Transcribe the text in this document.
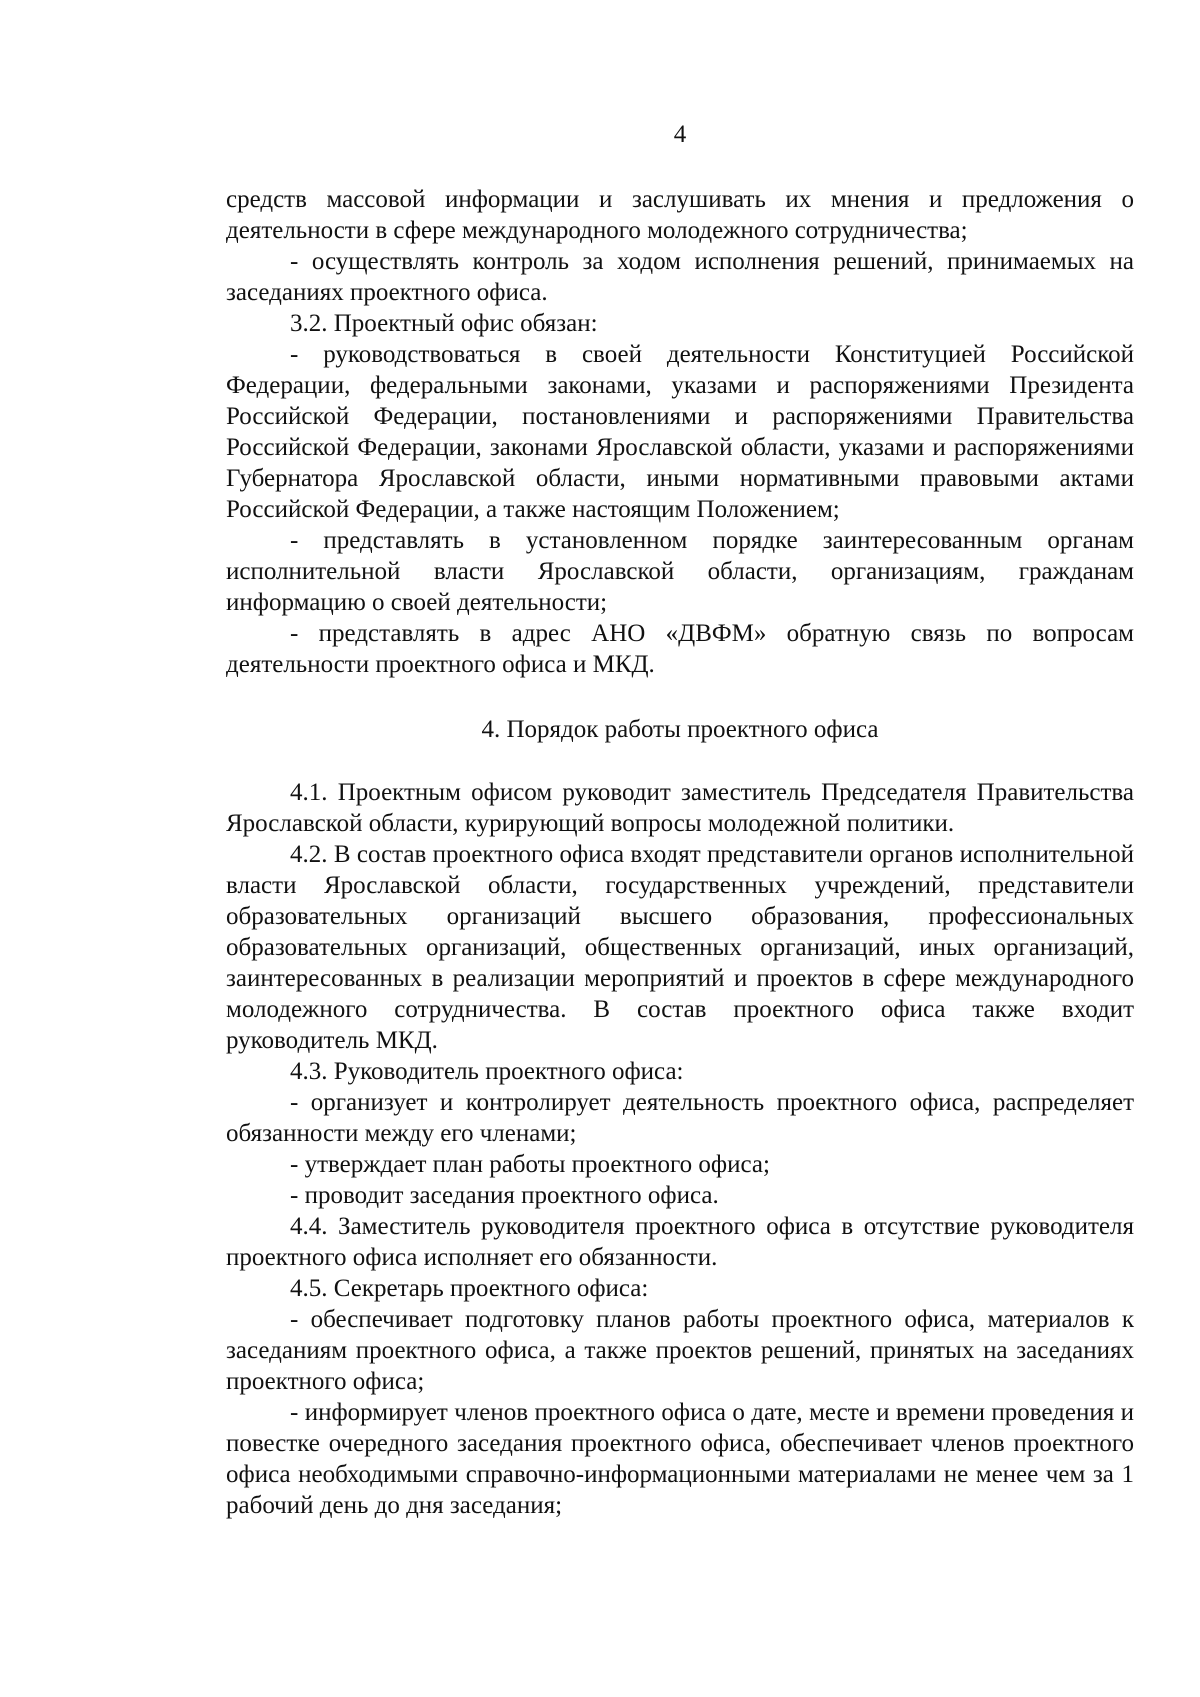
4

средств массовой информации и заслушивать их мнения и предложения о деятельности в сфере международного молодежного сотрудничества;

- осуществлять контроль за ходом исполнения решений, принимаемых на заседаниях проектного офиса.

3.2. Проектный офис обязан:

- руководствоваться в своей деятельности Конституцией Российской Федерации, федеральными законами, указами и распоряжениями Президента Российской Федерации, постановлениями и распоряжениями Правительства Российской Федерации, законами Ярославской области, указами и распоряжениями Губернатора Ярославской области, иными нормативными правовыми актами Российской Федерации, а также настоящим Положением;

- представлять в установленном порядке заинтересованным органам исполнительной власти Ярославской области, организациям, гражданам информацию о своей деятельности;

- представлять в адрес АНО «ДВФМ» обратную связь по вопросам деятельности проектного офиса и МКД.

4. Порядок работы проектного офиса

4.1. Проектным офисом руководит заместитель Председателя Правительства Ярославской области, курирующий вопросы молодежной политики.

4.2. В состав проектного офиса входят представители органов исполнительной власти Ярославской области, государственных учреждений, представители образовательных организаций высшего образования, профессиональных образовательных организаций, общественных организаций, иных организаций, заинтересованных в реализации мероприятий и проектов в сфере международного молодежного сотрудничества. В состав проектного офиса также входит руководитель МКД.

4.3. Руководитель проектного офиса:

- организует и контролирует деятельность проектного офиса, распределяет обязанности между его членами;

- утверждает план работы проектного офиса;

- проводит заседания проектного офиса.

4.4. Заместитель руководителя проектного офиса в отсутствие руководителя проектного офиса исполняет его обязанности.

4.5. Секретарь проектного офиса:

- обеспечивает подготовку планов работы проектного офиса, материалов к заседаниям проектного офиса, а также проектов решений, принятых на заседаниях проектного офиса;

- информирует членов проектного офиса о дате, месте и времени проведения и повестке очередного заседания проектного офиса, обеспечивает членов проектного офиса необходимыми справочно-информационными материалами не менее чем за 1 рабочий день до дня заседания;
